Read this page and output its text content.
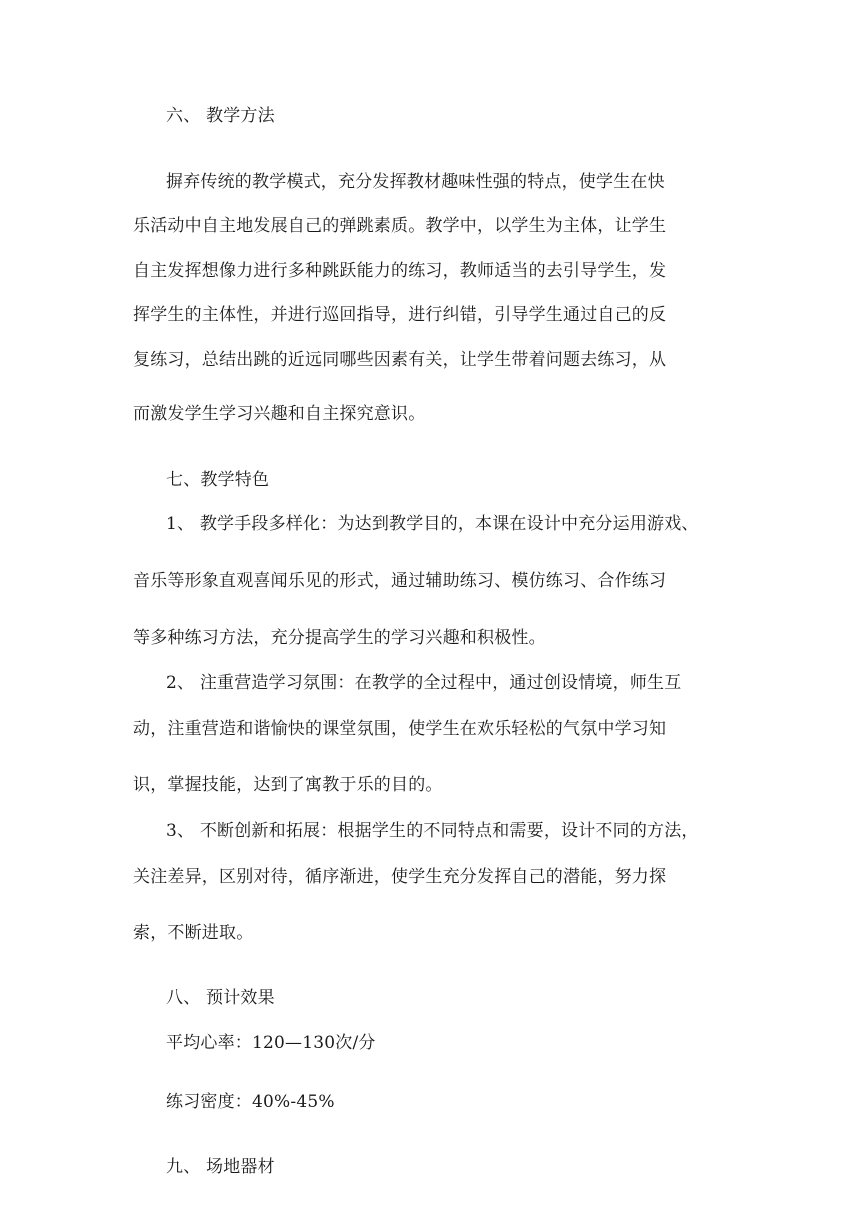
六、 教学方法
摒弃传统的教学模式，充分发挥教材趣味性强的特点，使学生在快
乐活动中自主地发展自己的弹跳素质。教学中，以学生为主体，让学生
自主发挥想像力进行多种跳跃能力的练习，教师适当的去引导学生，发
挥学生的主体性，并进行巡回指导，进行纠错，引导学生通过自己的反
复练习，总结出跳的近远同哪些因素有关，让学生带着问题去练习，从
而激发学生学习兴趣和自主探究意识。
七、教学特色
1、 教学手段多样化：为达到教学目的，本课在设计中充分运用游戏、
音乐等形象直观喜闻乐见的形式，通过辅助练习、模仿练习、合作练习
等多种练习方法，充分提高学生的学习兴趣和积极性。
2、 注重营造学习氛围：在教学的全过程中，通过创设情境，师生互
动，注重营造和谐愉快的课堂氛围，使学生在欢乐轻松的气氛中学习知
识，掌握技能，达到了寓教于乐的目的。
3、 不断创新和拓展：根据学生的不同特点和需要，设计不同的方法，
关注差异，区别对待，循序渐进，使学生充分发挥自己的潜能，努力探
索，不断进取。
八、 预计效果
平均心率：120—130次/分
练习密度：40%-45%
九、 场地器材
